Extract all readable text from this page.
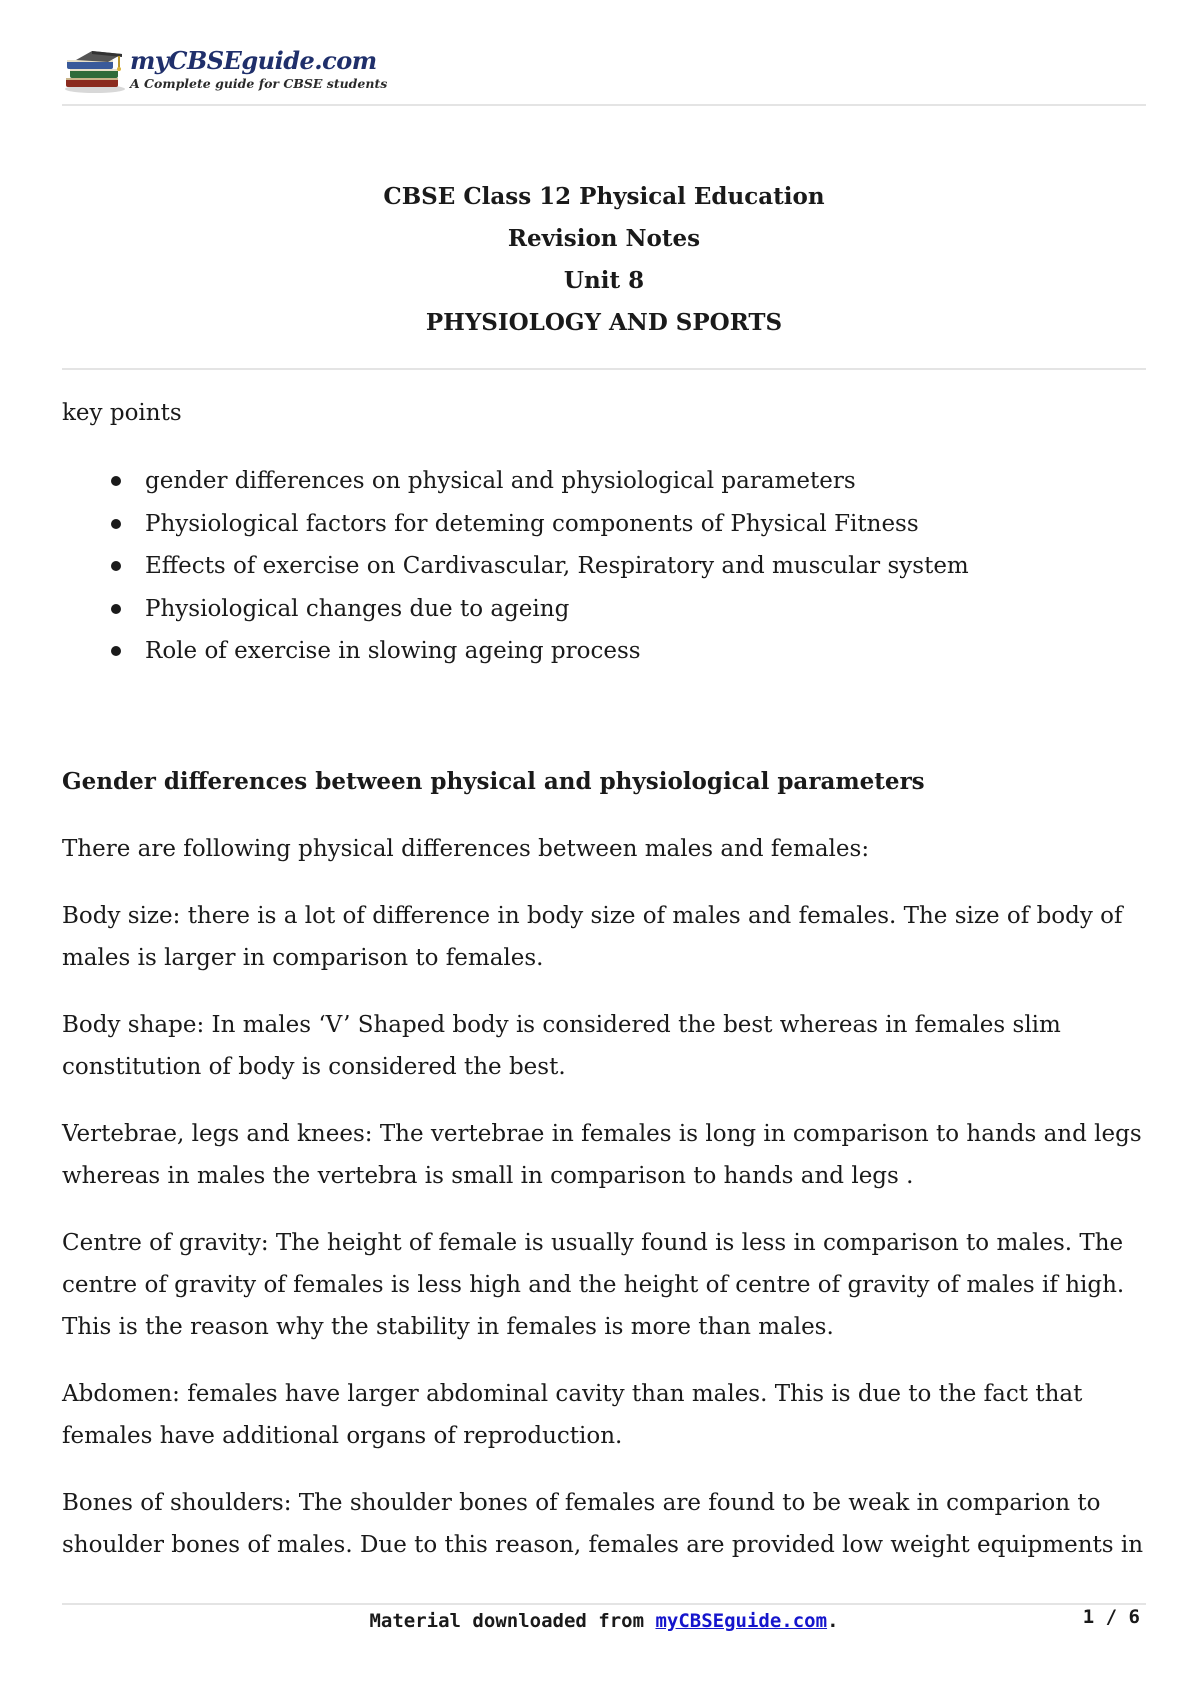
myCBSEguide.com
A Complete guide for CBSE students
CBSE Class 12 Physical Education
Revision Notes
Unit 8
PHYSIOLOGY AND SPORTS
key points
gender differences on physical and physiological parameters
Physiological factors for deteming components of Physical Fitness
Effects of exercise on Cardivascular, Respiratory and muscular system
Physiological changes due to ageing
Role of exercise in slowing ageing process
Gender differences between physical and physiological parameters
There are following physical differences between males and females:
Body size: there is a lot of difference in body size of males and females. The size of body of
males is larger in comparison to females.
Body shape: In males ‘V’ Shaped body is considered the best whereas in females slim
constitution of body is considered the best.
Vertebrae, legs and knees: The vertebrae in females is long in comparison to hands and legs
whereas in males the vertebra is small in comparison to hands and legs .
Centre of gravity: The height of female is usually found is less in comparison to males. The
centre of gravity of females is less high and the height of centre of gravity of males if high.
This is the reason why the stability in females is more than males.
Abdomen: females have larger abdominal cavity than males. This is due to the fact that
females have additional organs of reproduction.
Bones of shoulders: The shoulder bones of females are found to be weak in comparion to
shoulder bones of males. Due to this reason, females are provided low weight equipments in
Material downloaded from myCBSEguide.com.	1 / 6
